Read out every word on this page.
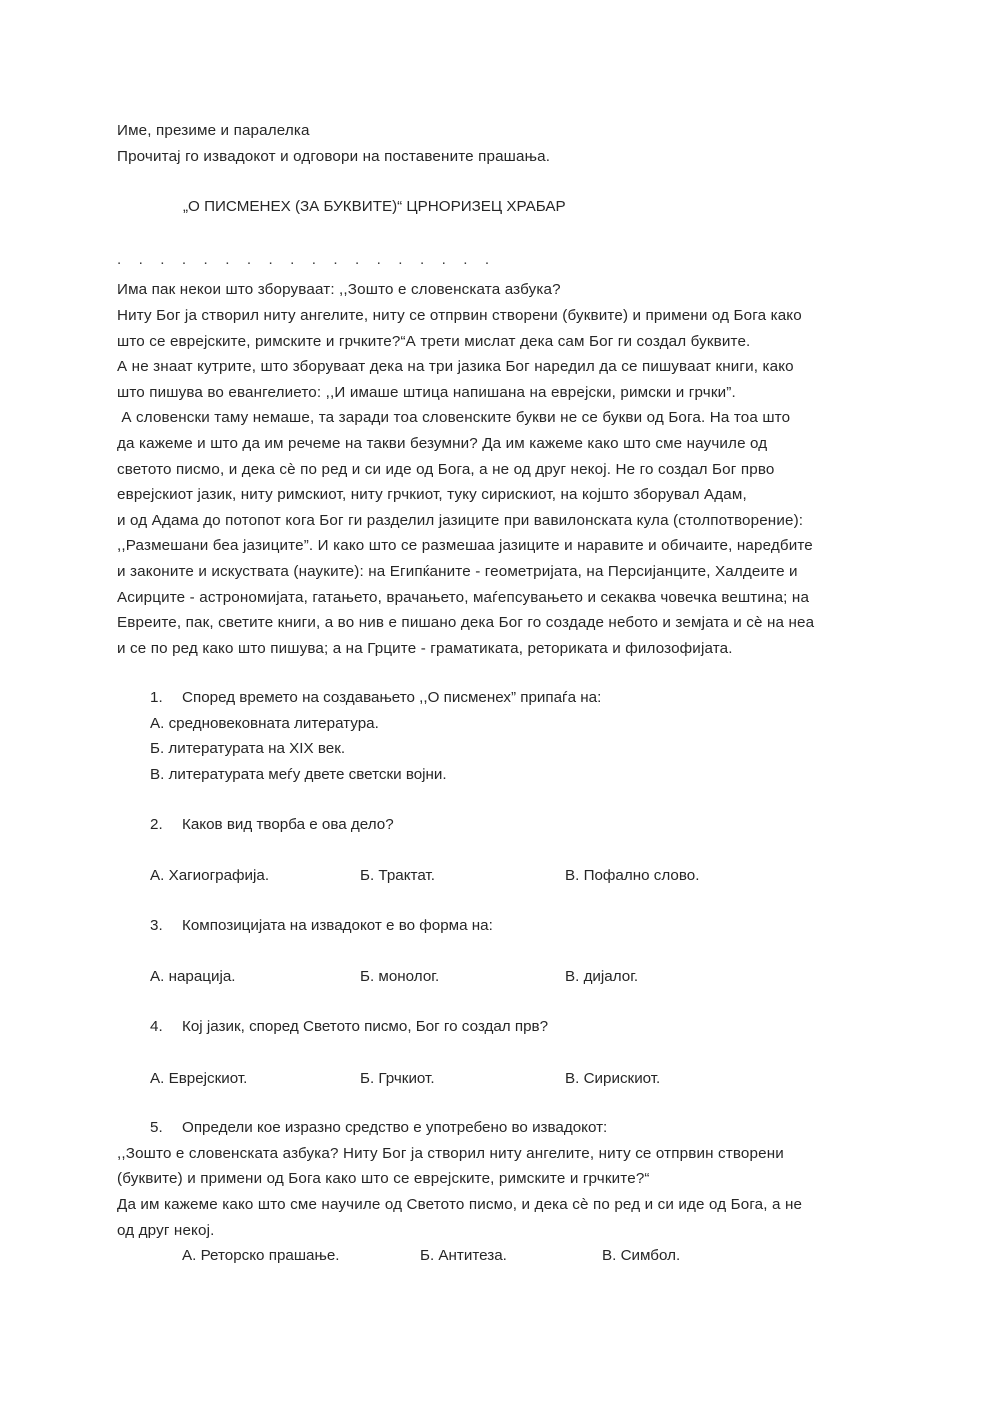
Име, презиме и паралелка
Прочитај го извадокот и одговори на поставените прашања.
„О ПИСМЕНЕХ (ЗА БУКВИТЕ)“ ЦРНОРИЗЕЦ ХРАБАР
. . . . . . . . . . . . . . . . . .
Има пак некои што зборуваат: ,,Зошто е словенската азбука?
Ниту Бог ја створил ниту ангелите, ниту се отпрвин створени (буквите) и примени од Бога како
што се еврејските, римските и грчките?“А трети мислат дека сам Бог ги создал буквите.
А не знаат кутрите, што зборуваат дека на три јазика Бог наредил да се пишуваат книги, како
што пишува во евангелието: ,,И имаше штица напишана на еврејски, римски и грчки”.
А словенски таму немаше, та заради тоа словенските букви не се букви од Бога. На тоа што
да кажеме и што да им речеме на такви безумни? Да им кажеме како што сме научиле од
светото писмо, и дека сѐ по ред и си иде од Бога, а не од друг некој. Не го создал Бог прво
еврејскиот јазик, ниту римскиот, ниту грчкиот, туку сирискиот, на којшто зборувал Адам,
и од Адама до потопот кога Бог ги разделил јазиците при вавилонската кула (столпотворение):
,,Размешани беа јазиците”. И како што се размешаа јазиците и наравите и обичаите, наредбите
и законите и искуствата (науките): на Египќаните - геометријата, на Персијанците, Халдеите и
Асирците - астрономијата, гатањето, врачањето, маѓепсувањето и секаква човечка вештина; на
Евреите, пак, светите книги, а во нив е пишано дека Бог го создаде небото и земјата и сѐ на неа
и се по ред како што пишува; а на Грците - граматиката, реториката и филозофијата.
1.	Според времето на создавањето ,,О писменех” припаѓа на:
А. средновековната литература.
Б. литературата на XIX век.
В. литературата меѓу двете светски војни.
2.	Каков вид творба е ова дело?
А. Хагиографија.	Б. Трактат.	В. Пофално слово.
3.	Композицијата на извадокот е во форма на:
А. нарација.	Б. монолог.	В. дијалог.
4.	Кој јазик, според Светото писмо, Бог го создал прв?
А. Еврејскиот.	Б. Грчкиот.	В. Сирискиот.
5.	Определи кое изразно средство е употребено во извадокот:
,,Зошто е словенската азбука? Ниту Бог ја створил ниту ангелите, ниту се отпрвин створени
(буквите) и примени од Бога како што се еврејските, римските и грчките?“
Да им кажеме како што сме научиле од Светото писмо, и дека сѐ по ред и си иде од Бога, а не
од друг некој.
А. Реторско прашање.	Б. Антитеза.	В. Симбол.
